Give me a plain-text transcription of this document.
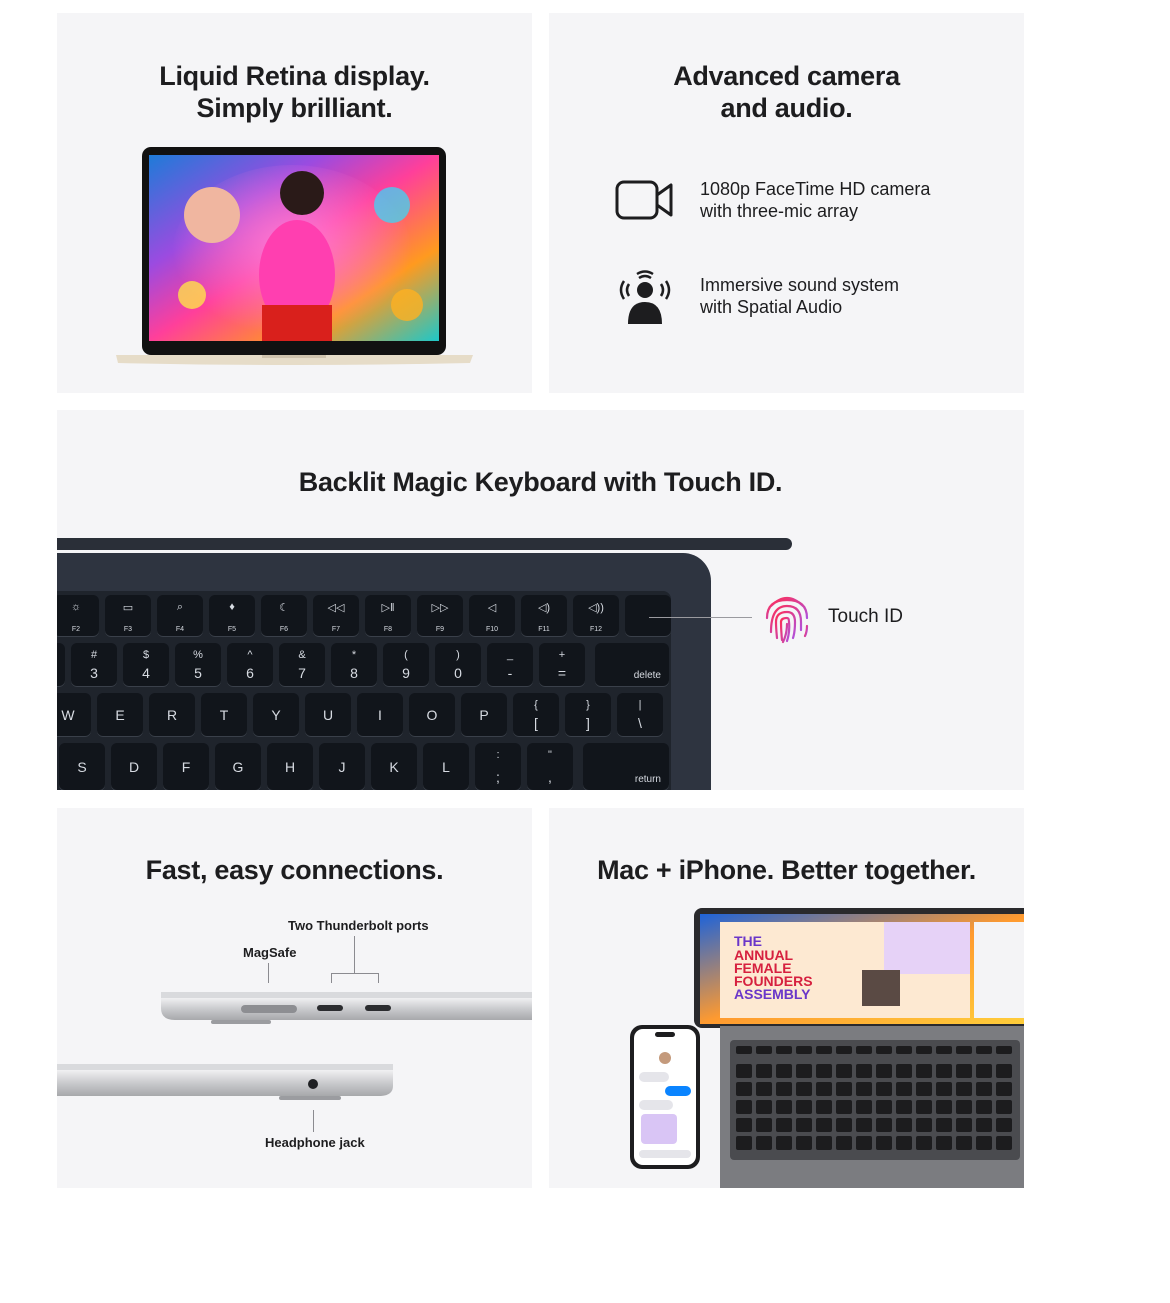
Liquid Retina display.
Simply brilliant.
Advanced camera
and audio.
1080p FaceTime HD camera
with three-mic array
Immersive sound system
with Spatial Audio
Backlit Magic Keyboard with Touch ID.
☼
F2
▭
F3
⌕
F4
♦
F5
☾
F6
◁◁
F7
▷‖
F8
▷▷
F9
◁
F10
◁)
F11
◁))
F12
#
3
$
4
%
5
^
6
&
7
*
8
(
9
)
0
_
-
+
=	delete
W	E	R	T	Y	U	I	O	P
{
[
}
]
|
\
S	D	F	G	H	J	K	L
:
;
"
,	return
Touch ID
Fast, easy connections.
Two Thunderbolt ports
MagSafe
Headphone jack
Mac + iPhone. Better together.
THE
ANNUAL
FEMALE
FOUNDERS
ASSEMBLY
